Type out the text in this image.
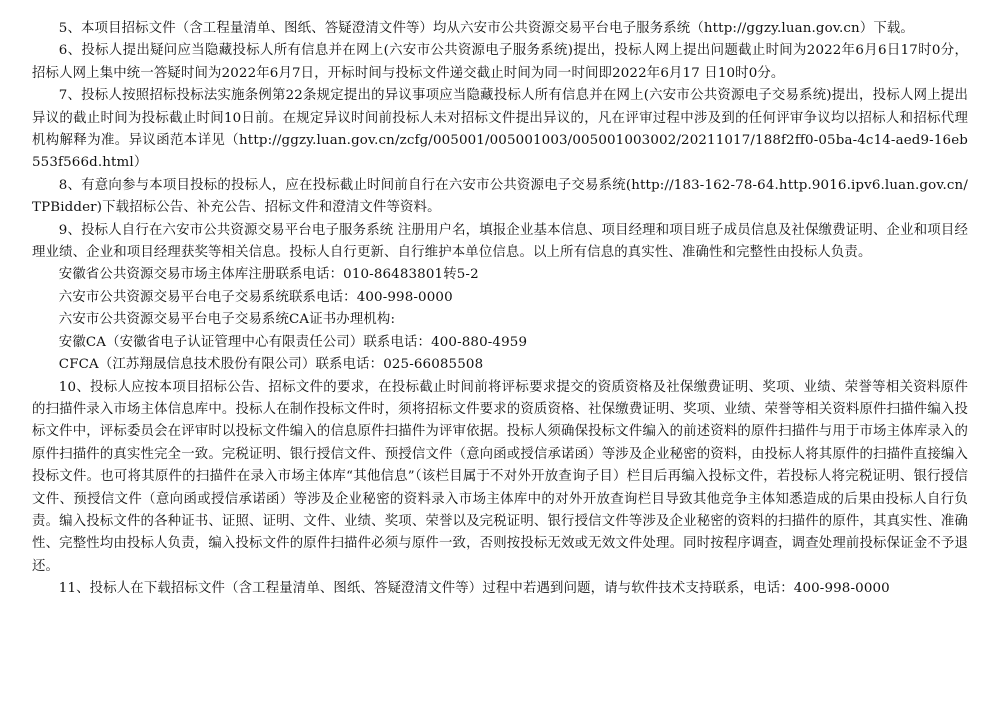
5、本项目招标文件（含工程量清单、图纸、答疑澄清文件等）均从六安市公共资源交易平台电子服务系统（http://ggzy.luan.gov.cn）下载。

6、投标人提出疑问应当隐藏投标人所有信息并在网上(六安市公共资源电子服务系统)提出，投标人网上提出问题截止时间为2022年6月6日17时0分，招标人网上集中统一答疑时间为2022年6月7日，开标时间与投标文件递交截止时间为同一时间即2022年6月17 日10时0分。

7、投标人按照招标投标法实施条例第22条规定提出的异议事项应当隐藏投标人所有信息并在网上(六安市公共资源电子交易系统)提出，投标人网上提出异议的截止时间为投标截止时间10日前。在规定异议时间前投标人未对招标文件提出异议的，凡在评审过程中涉及到的任何评审争议均以招标人和招标代理机构解释为准。异议函范本详见（http://ggzy.luan.gov.cn/zcfg/005001/005001003/005001003002/20211017/188f2ff0-05ba-4c14-aed9-16eb553f566d.html）

8、有意向参与本项目投标的投标人，应在投标截止时间前自行在六安市公共资源电子交易系统(http://183-162-78-64.http.9016.ipv6.luan.gov.cn/TPBidder)下载招标公告、补充公告、招标文件和澄清文件等资料。

9、投标人自行在六安市公共资源交易平台电子服务系统 注册用户名，填报企业基本信息、项目经理和项目班子成员信息及社保缴费证明、企业和项目经理业绩、企业和项目经理获奖等相关信息。投标人自行更新、自行维护本单位信息。以上所有信息的真实性、准确性和完整性由投标人负责。

安徽省公共资源交易市场主体库注册联系电话：010-86483801转5-2

六安市公共资源交易平台电子交易系统联系电话：400-998-0000

六安市公共资源交易平台电子交易系统CA证书办理机构:

安徽CA（安徽省电子认证管理中心有限责任公司）联系电话：400-880-4959

CFCA（江苏翔晟信息技术股份有限公司）联系电话：025-66085508

10、投标人应按本项目招标公告、招标文件的要求，在投标截止时间前将评标要求提交的资质资格及社保缴费证明、奖项、业绩、荣誉等相关资料原件的扫描件录入市场主体信息库中。投标人在制作投标文件时，须将招标文件要求的资质资格、社保缴费证明、奖项、业绩、荣誉等相关资料原件扫描件编入投标文件中，评标委员会在评审时以投标文件编入的信息原件扫描件为评审依据。投标人须确保投标文件编入的前述资料的原件扫描件与用于市场主体库录入的原件扫描件的真实性完全一致。完税证明、银行授信文件、预授信文件（意向函或授信承诺函）等涉及企业秘密的资料，由投标人将其原件的扫描件直接编入投标文件。也可将其原件的扫描件在录入市场主体库“其他信息”（该栏目属于不对外开放查询子目）栏目后再编入投标文件，若投标人将完税证明、银行授信文件、预授信文件（意向函或授信承诺函）等涉及企业秘密的资料录入市场主体库中的对外开放查询栏目导致其他竞争主体知悉造成的后果由投标人自行负责。编入投标文件的各种证书、证照、证明、文件、业绩、奖项、荣誉以及完税证明、银行授信文件等涉及企业秘密的资料的扫描件的原件，其真实性、准确性、完整性均由投标人负责，编入投标文件的原件扫描件必须与原件一致，否则按投标无效或无效文件处理。同时按程序调查，调查处理前投标保证金不予退还。

11、投标人在下载招标文件（含工程量清单、图纸、答疑澄清文件等）过程中若遇到问题，请与软件技术支持联系，电话：400-998-0000
